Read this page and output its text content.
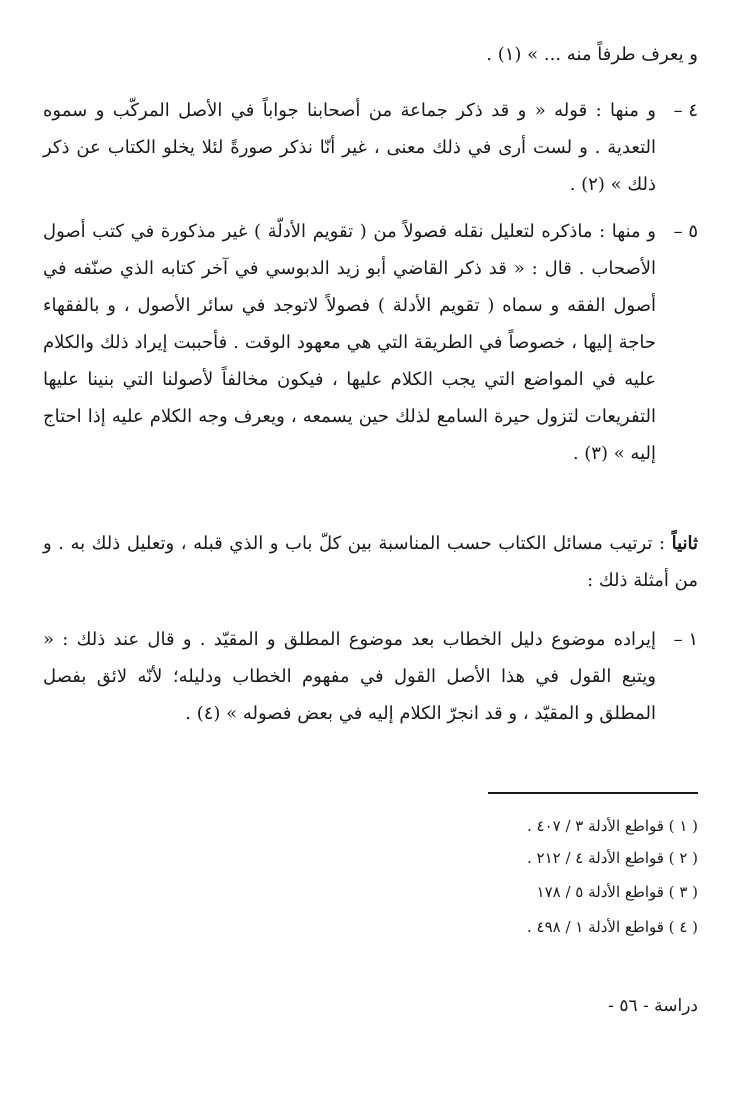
و يعرف طرفاً منه ... » (١) .
٤ –
و منها : قوله « و قد ذكر جماعة من أصحابنا جواباً في الأصل المركّب و سموه التعدية . و لست أرى في ذلك معنى ، غير أنّا نذكر صورةً لئلا يخلو الكتاب عن ذكر ذلك » (٢) .
٥ –
و منها : ماذكره لتعليل نقله فصولاً من ( تقويم الأدلّة ) غير مذكورة في كتب أصول الأصحاب . قال : « قد ذكر القاضي أبو زيد الدبوسي في آخر كتابه الذي صنّفه في أصول الفقه و سماه ( تقويم الأدلة ) فصولاً لاتوجد في سائر الأصول ، و بالفقهاء حاجة إليها ، خصوصاً في الطريقة التي هي معهود الوقت . فأحببت إيراد ذلك والكلام عليه في المواضع التي يجب الكلام عليها ، فيكون مخالفاً لأصولنا التي بنينا عليها التفريعات لتزول حيرة السامع لذلك حين يسمعه ، ويعرف وجه الكلام عليه إذا احتاج إليه » (٣) .
ثانياً : ترتيب مسائل الكتاب حسب المناسبة بين كلّ باب و الذي قبله ، وتعليل ذلك به . و من أمثلة ذلك :
١ –
إيراده موضوع دليل الخطاب بعد موضوع المطلق و المقيّد . و قال عند ذلك : « ويتبع القول في هذا الأصل القول في مفهوم الخطاب ودليله؛ لأنّه لائق بفصل المطلق و المقيّد ، و قد انجرّ الكلام إليه في بعض فصوله » (٤) .
( ١ ) قواطع الأدلة ٣ / ٤٠٧ .
( ٢ ) قواطع الأدلة ٤ / ٢١٢ .
( ٣ ) قواطع الأدلة ٥ / ١٧٨
( ٤ ) قواطع الأدلة ١ / ٤٩٨ .
دراسة - ٥٦ -
